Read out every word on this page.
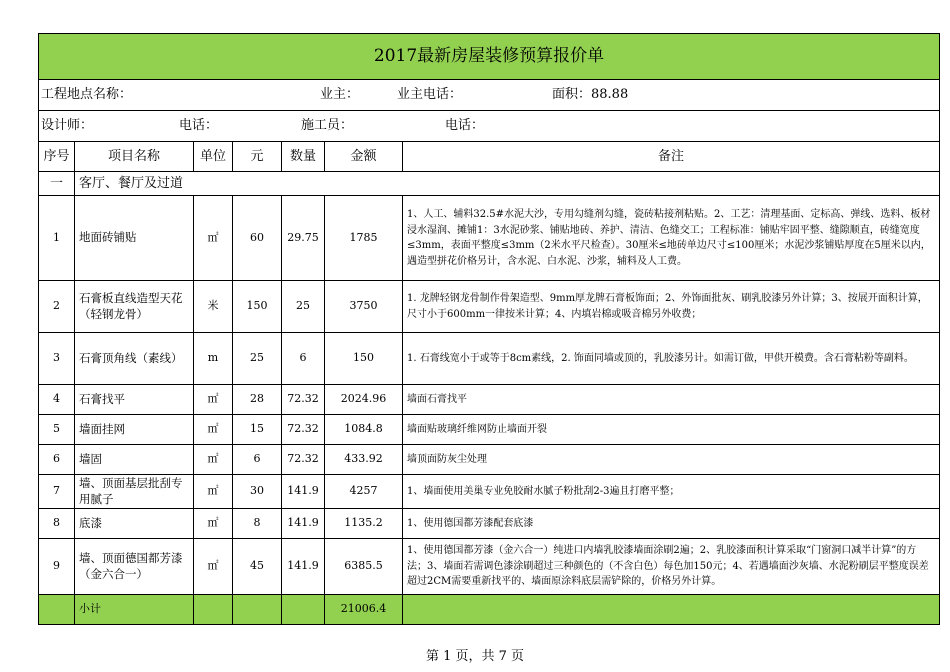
2017最新房屋装修预算报价单						

工程地点名称： 业主： 业主电话： 面积：88.88						

设计师： 电话： 施工员： 电话：						

序号	项目名称	单位	元	数量	金额	备注
一	客厅、餐厅及过道					
1	地面砖铺贴	㎡	60	29.75	1785	1、人工、辅料32.5#水泥大沙，专用勾缝剂勾缝，瓷砖粘接剂粘贴。2、工艺：清理基面、定标高、弹线、选料、板材浸水湿润、摊铺1：3水泥砂浆、铺贴地砖、养护、清洁、色缝交工；工程标准：铺贴牢固平整、缝隙顺直，砖缝宽度≤3mm，表面平整度≤3mm（2米水平尺检查）。30厘米≤地砖单边尺寸≤100厘米；水泥沙浆铺贴厚度在5厘米以内，遇造型拼花价格另计，含水泥、白水泥、沙浆，辅料及人工费。
2	石膏板直线造型天花（轻钢龙骨）	米	150	25	3750	1. 龙牌轻钢龙骨制作骨架造型、9mm厚龙牌石膏板饰面；2、外饰面批灰、刷乳胶漆另外计算；3、按展开面积计算，尺寸小于600mm一律按米计算；4、内填岩棉或吸音棉另外收费；
3	石膏顶角线（素线）	m	25	6	150	1. 石膏线宽小于或等于8cm素线，2. 饰面同墙或顶的，乳胶漆另计。如需订做，甲供开模费。含石膏粘粉等副料。
4	石膏找平	㎡	28	72.32	2024.96	墙面石膏找平
5	墙面挂网	㎡	15	72.32	1084.8	墙面贴玻璃纤维网防止墙面开裂
6	墙固	㎡	6	72.32	433.92	墙顶面防灰尘处理
7	墙、顶面基层批刮专用腻子	㎡	30	141.9	4257	1、墙面使用美巢专业免胶耐水腻子粉批刮2-3遍且打磨平整；
8	底漆	㎡	8	141.9	1135.2	1、使用德国都芳漆配套底漆
9	墙、顶面德国都芳漆（金六合一）	㎡	45	141.9	6385.5	1、使用德国都芳漆（金六合一）纯进口内墙乳胶漆墙面涂刷2遍；2、乳胶漆面积计算采取“门窗洞口减半计算”的方法；3、墙面若需调色漆涂刷超过三种颜色的（不含白色）每色加150元；4、若遇墙面沙灰墙、水泥粉刷层平整度误差超过2CM需要重新找平的、墙面原涂料底层需铲除的，价格另外计算。
	小计				21006.4	
第 1 页，共 7 页
